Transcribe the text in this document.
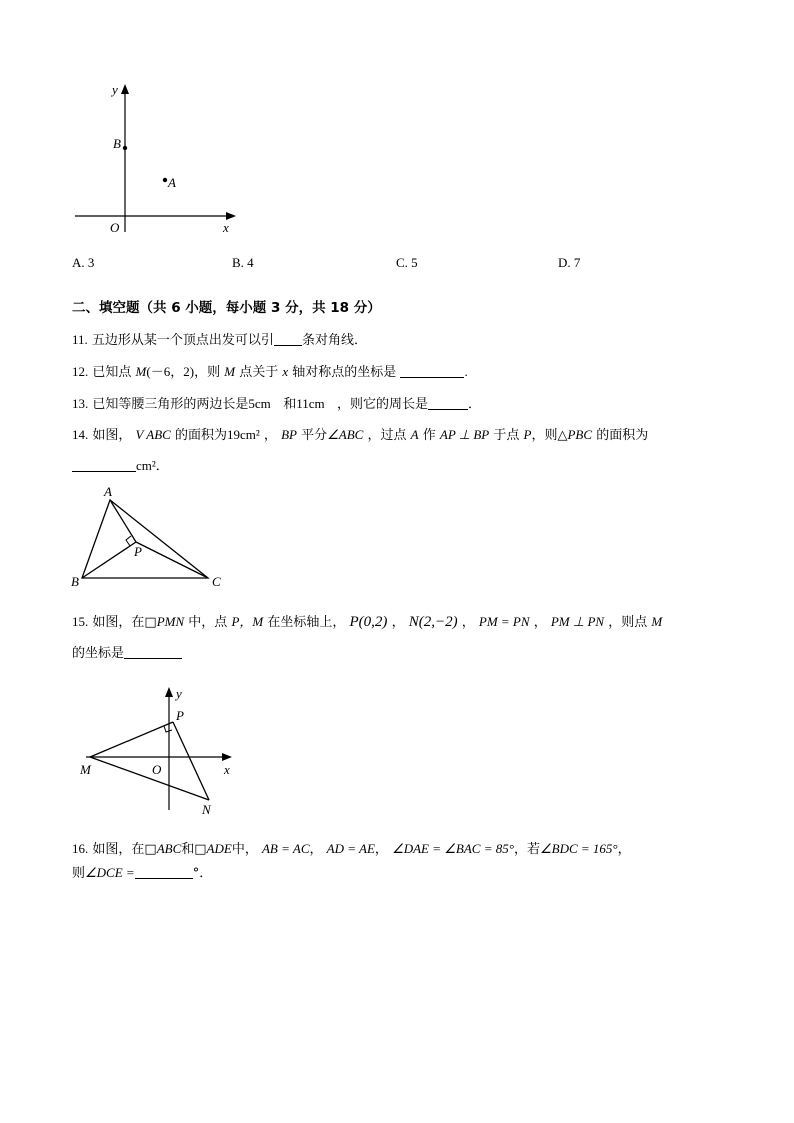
y
x
O
B
A
A. 3	B. 4	C. 5	D. 7
二、填空题（共 6 小题，每小题 3 分，共 18 分）
11. 五边形从某一个顶点出发可以引 条对角线．
12. 已知点 M(－6，2)，则 M 点关于 x 轴对称点的坐标是	.
13. 已知等腰三角形的两边长是5cm 和11cm ，则它的周长是	．
14. 如图， V ABC 的面积为19cm² ， BP 平分∠ABC ，过点 A 作 AP ⊥ BP 于点 P，则△PBC 的面积为
cm²．
A
B	C
P
15. 如图，在□PMN 中，点 P，M 在坐标轴上， P(0,2) ， N(2,−2) ， PM = PN ， PM ⊥ PN ，则点 M
的坐标是
y
x
P
M	O
N
16. 如图，在□ABC和□ADE中， AB = AC， AD = AE， ∠DAE = ∠BAC = 85°，若∠BDC = 165°，
则∠DCE =	°．
